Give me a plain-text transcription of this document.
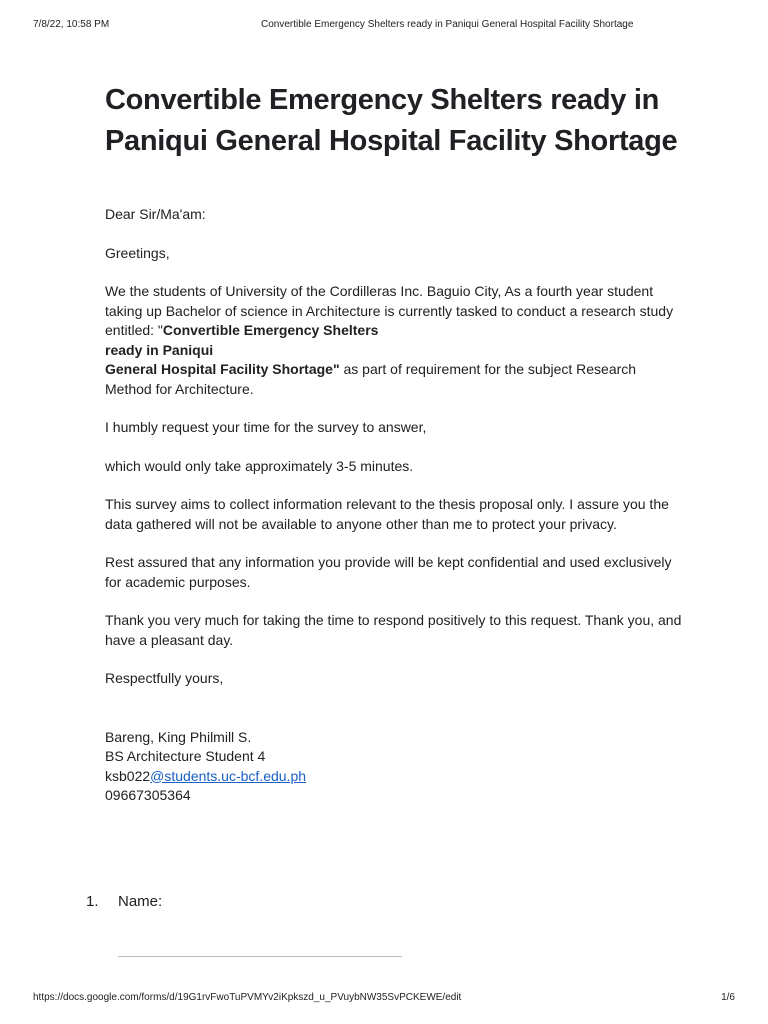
7/8/22, 10:58 PM	Convertible Emergency Shelters ready in Paniqui General Hospital Facility Shortage
Convertible Emergency Shelters ready in Paniqui General Hospital Facility Shortage

Dear Sir/Ma'am:

Greetings,

We the students of University of the Cordilleras Inc. Baguio City, As a fourth year student taking up Bachelor of science in Architecture is currently tasked to conduct a research study entitled: "Convertible Emergency Shelters
ready in Paniqui
General Hospital Facility Shortage" as part of requirement for the subject Research Method for Architecture.

I humbly request your time for the survey to answer,

which would only take approximately 3-5 minutes.

This survey aims to collect information relevant to the thesis proposal only. I assure you the data gathered will not be available to anyone other than me to protect your privacy.

Rest assured that any information you provide will be kept confidential and used exclusively for academic purposes.

Thank you very much for taking the time to respond positively to this request. Thank you, and have a pleasant day.

Respectfully yours,

Bareng, King Philmill S.
BS Architecture Student 4
ksb022@students.uc-bcf.edu.ph
09667305364
1. Name:
https://docs.google.com/forms/d/19G1rvFwoTuPVMYv2iKpkszd_u_PVuybNW35SvPCKEWE/edit	1/6
